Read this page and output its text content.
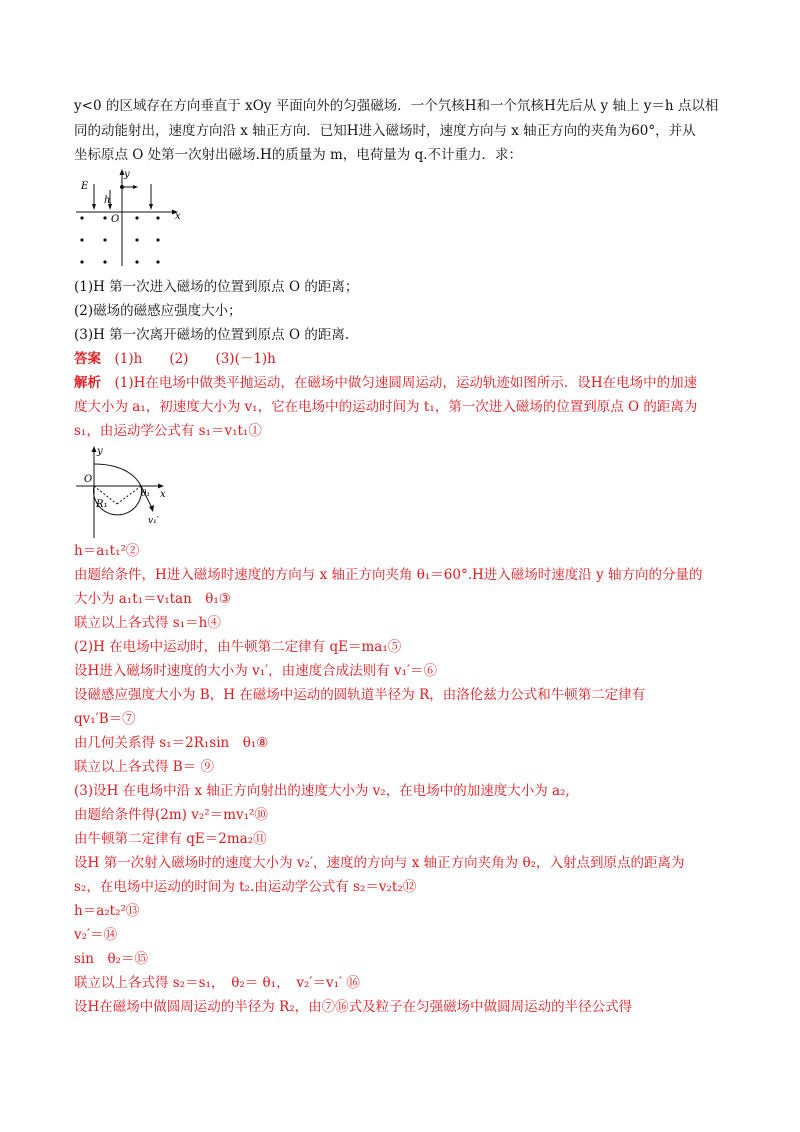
y<0 的区域存在方向垂直于 xOy 平面向外的匀强磁场．一个氕核H和一个氘核H先后从 y 轴上 y＝h 点以相
同的动能射出，速度方向沿 x 轴正方向．已知H进入磁场时，速度方向与 x 轴正方向的夹角为60°，并从
坐标原点 O 处第一次射出磁场.H的质量为 m，电荷量为 q.不计重力．求：
y
x
E
h
O
(1)H 第一次进入磁场的位置到原点 O 的距离；
(2)磁场的磁感应强度大小；
(3)H 第一次离开磁场的位置到原点 O 的距离.
答案　 (1)h　　(2)　　(3)(－1)h
解析　 (1)H在电场中做类平抛运动，在磁场中做匀速圆周运动，运动轨迹如图所示．设H在电场中的加速
度大小为 a₁，初速度大小为 v₁，它在电场中的运动时间为 t₁，第一次进入磁场的位置到原点 O 的距离为
s₁，由运动学公式有 s₁＝v₁t₁①
y
x
O
R₁
θ₁
v₁′
h＝a₁t₁²②
由题给条件，H进入磁场时速度的方向与 x 轴正方向夹角 θ₁＝60°.H进入磁场时速度沿 y 轴方向的分量的
大小为 a₁t₁＝v₁tan　θ₁③
联立以上各式得 s₁＝h④
(2)H 在电场中运动时，由牛顿第二定律有 qE＝ma₁⑤
设H进入磁场时速度的大小为 v₁′，由速度合成法则有 v₁′＝⑥
设磁感应强度大小为 B，H 在磁场中运动的圆轨道半径为 R，由洛伦兹力公式和牛顿第二定律有
qv₁′B＝⑦
由几何关系得 s₁＝2R₁sin　θ₁⑧
联立以上各式得 B＝ ⑨
(3)设H 在电场中沿 x 轴正方向射出的速度大小为 v₂，在电场中的加速度大小为 a₂,
由题给条件得(2m) v₂²＝mv₁²⑩
由牛顿第二定律有 qE＝2ma₂⑪
设H 第一次射入磁场时的速度大小为 v₂′，速度的方向与 x 轴正方向夹角为 θ₂，入射点到原点的距离为
s₂，在电场中运动的时间为 t₂.由运动学公式有 s₂＝v₂t₂⑫
h＝a₂t₂²⑬
v₂′＝⑭
sin　θ₂＝⑮
联立以上各式得 s₂＝s₁，　θ₂＝ θ₁，　v₂′＝v₁′ ⑯
设H在磁场中做圆周运动的半径为 R₂，由⑦⑯式及粒子在匀强磁场中做圆周运动的半径公式得
